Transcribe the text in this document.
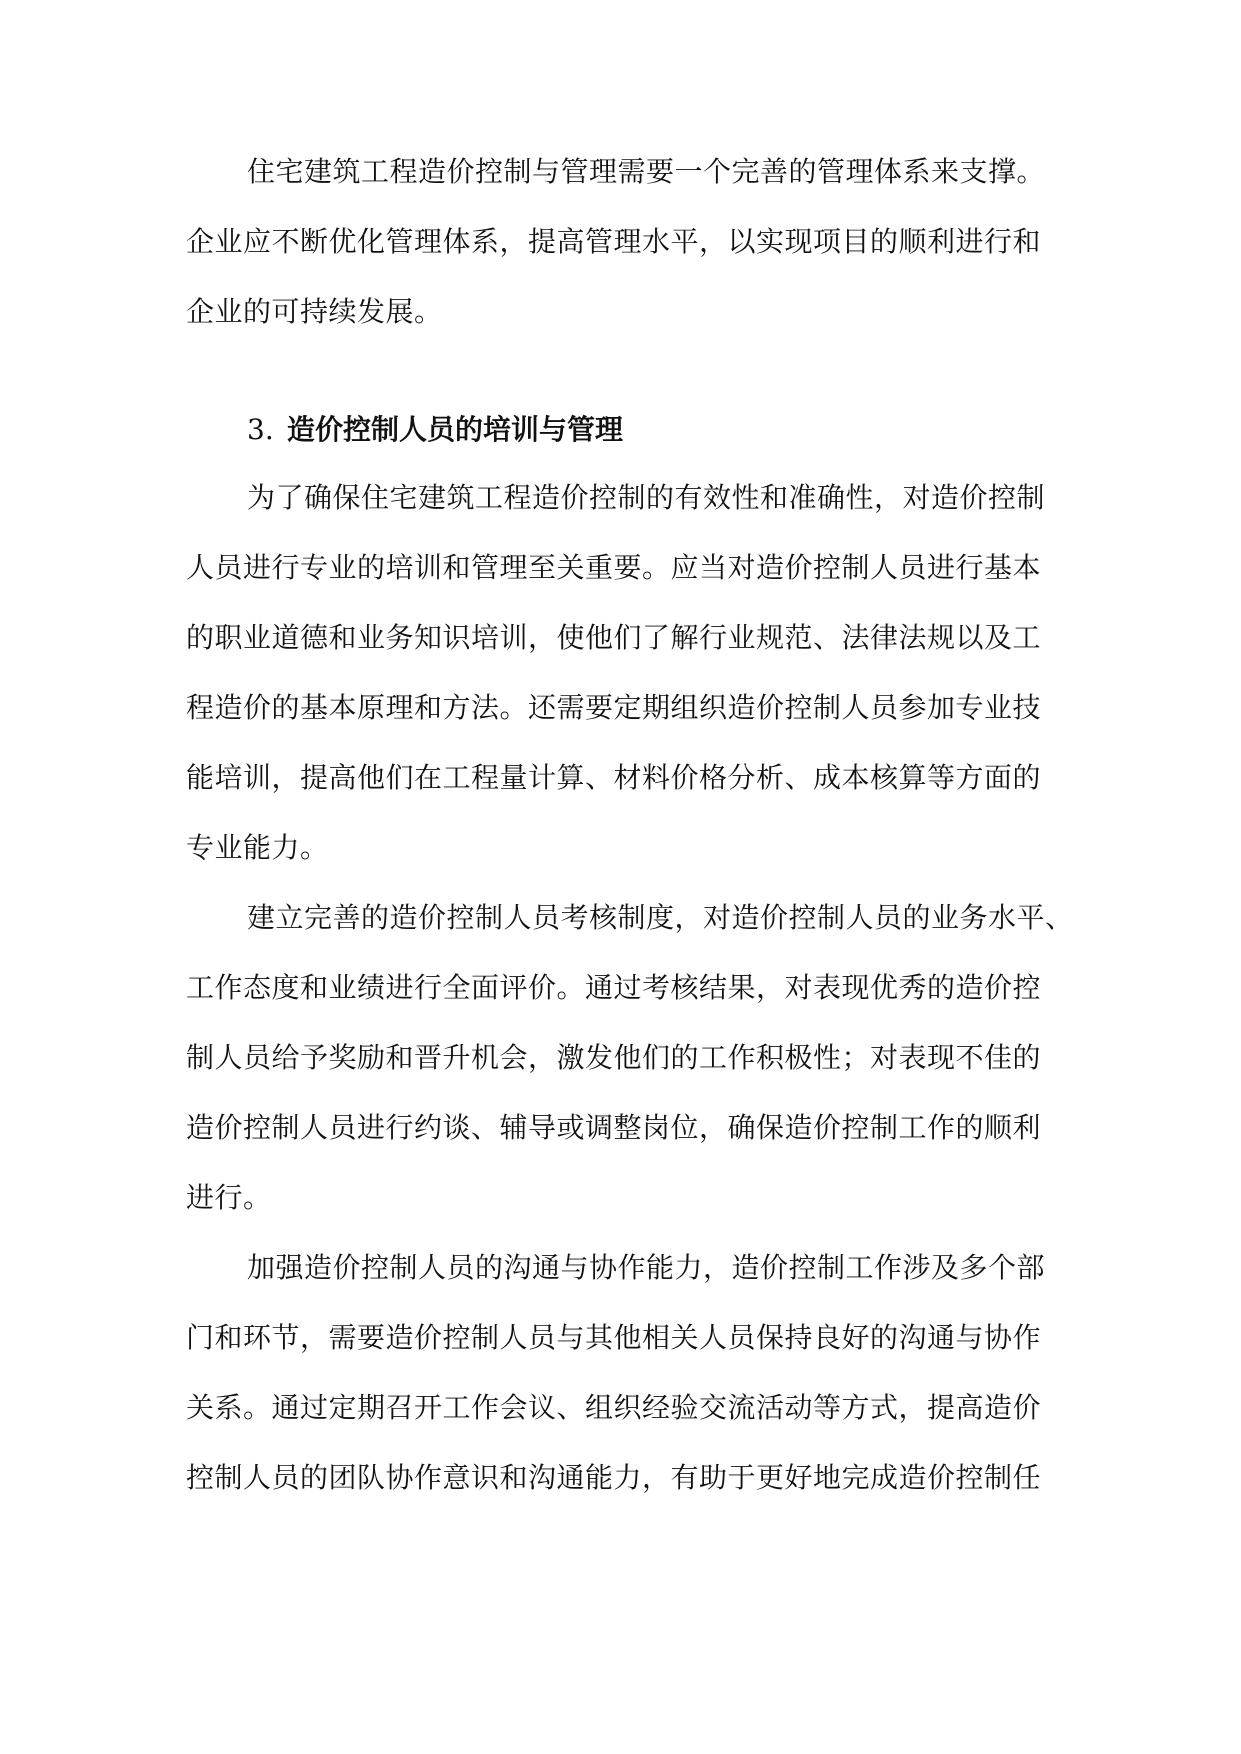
住宅建筑工程造价控制与管理需要一个完善的管理体系来支撑。
企业应不断优化管理体系，提高管理水平，以实现项目的顺利进行和
企业的可持续发展。
3. 造价控制人员的培训与管理
为了确保住宅建筑工程造价控制的有效性和准确性，对造价控制
人员进行专业的培训和管理至关重要。应当对造价控制人员进行基本
的职业道德和业务知识培训，使他们了解行业规范、法律法规以及工
程造价的基本原理和方法。还需要定期组织造价控制人员参加专业技
能培训，提高他们在工程量计算、材料价格分析、成本核算等方面的
专业能力。
建立完善的造价控制人员考核制度，对造价控制人员的业务水平、
工作态度和业绩进行全面评价。通过考核结果，对表现优秀的造价控
制人员给予奖励和晋升机会，激发他们的工作积极性；对表现不佳的
造价控制人员进行约谈、辅导或调整岗位，确保造价控制工作的顺利
进行。
加强造价控制人员的沟通与协作能力，造价控制工作涉及多个部
门和环节，需要造价控制人员与其他相关人员保持良好的沟通与协作
关系。通过定期召开工作会议、组织经验交流活动等方式，提高造价
控制人员的团队协作意识和沟通能力，有助于更好地完成造价控制任
